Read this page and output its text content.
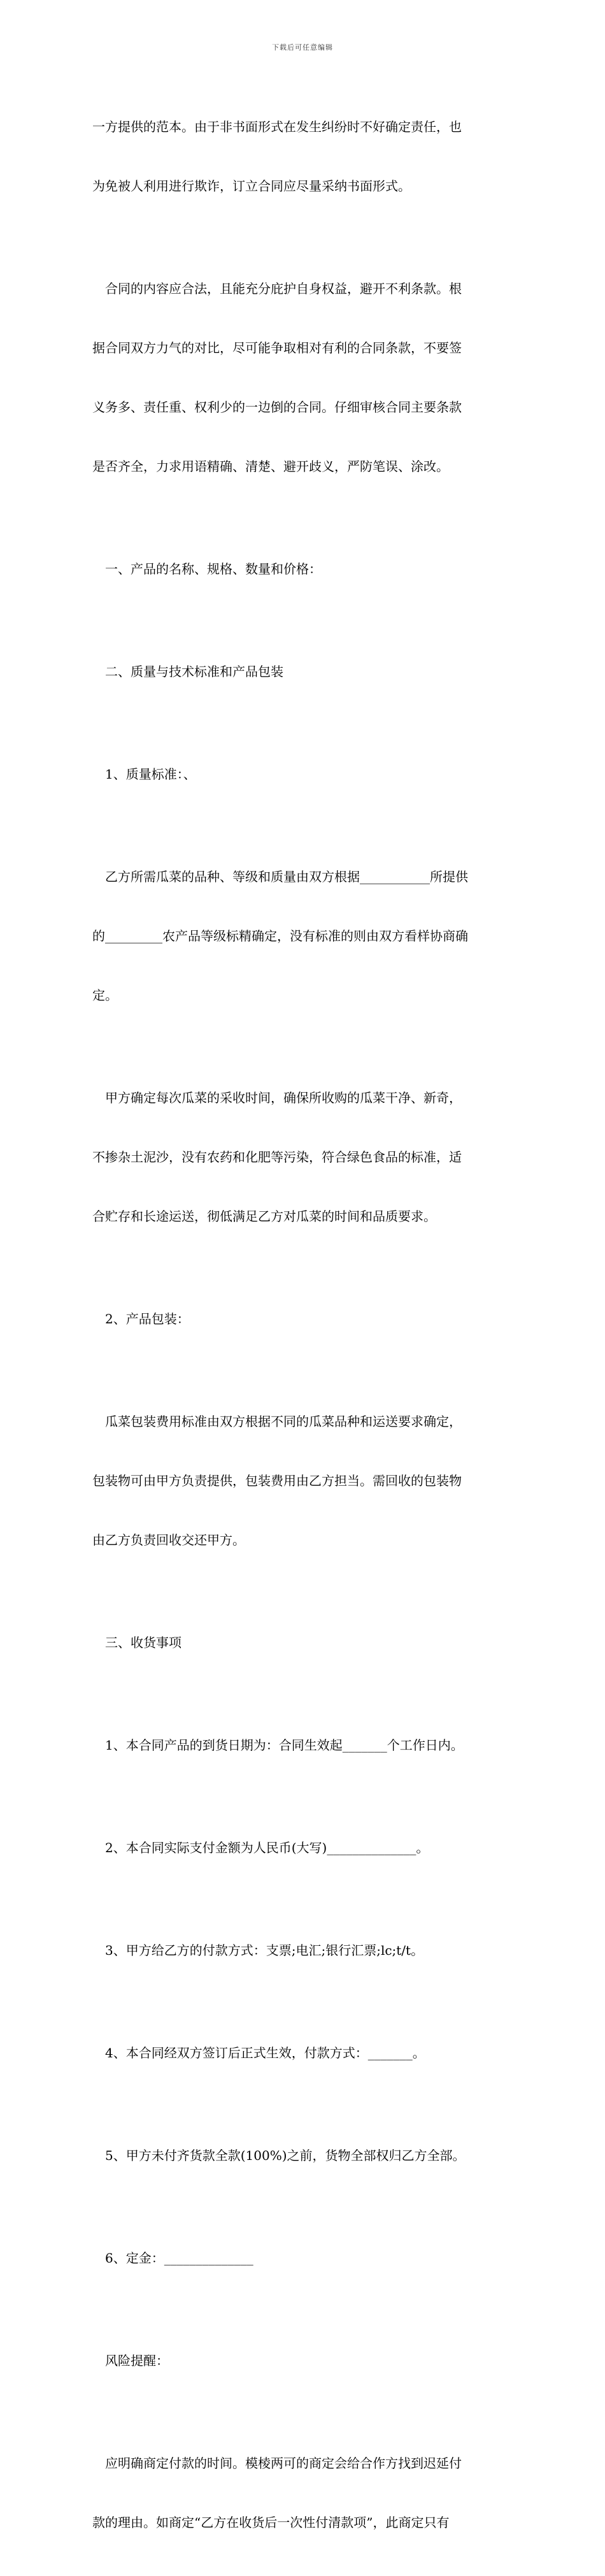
下载后可任意编辑

一方提供的范本。由于非书面形式在发生纠纷时不好确定责任，也

为免被人利用进行欺诈，订立合同应尽量采纳书面形式。

合同的内容应合法，且能充分庇护自身权益，避开不利条款。根

据合同双方力气的对比，尽可能争取相对有利的合同条款，不要签

义务多、责任重、权利少的一边倒的合同。仔细审核合同主要条款

是否齐全，力求用语精确、清楚、避开歧义，严防笔误、涂改。

一、产品的名称、规格、数量和价格：

二、质量与技术标准和产品包装

1、质量标准：、

乙方所需瓜菜的品种、等级和质量由双方根据___________所提供

的_________农产品等级标精确定，没有标准的则由双方看样协商确

定。

甲方确定每次瓜菜的采收时间，确保所收购的瓜菜干净、新奇，

不掺杂土泥沙，没有农药和化肥等污染，符合绿色食品的标准，适

合贮存和长途运送，彻低满足乙方对瓜菜的时间和品质要求。

2、产品包装：

瓜菜包装费用标准由双方根据不同的瓜菜品种和运送要求确定，

包装物可由甲方负责提供，包装费用由乙方担当。需回收的包装物

由乙方负责回收交还甲方。

三、收货事项

1、本合同产品的到货日期为：合同生效起_______个工作日内。

2、本合同实际支付金额为人民币(大写)______________。

3、甲方给乙方的付款方式：支票;电汇;银行汇票;lc;t/t。

4、本合同经双方签订后正式生效，付款方式：_______。

5、甲方未付齐货款全款(100%)之前，货物全部权归乙方全部。

6、定金：______________

风险提醒：

应明确商定付款的时间。模棱两可的商定会给合作方找到迟延付

款的理由。如商定“乙方在收货后一次性付清款项”，此商定只有
